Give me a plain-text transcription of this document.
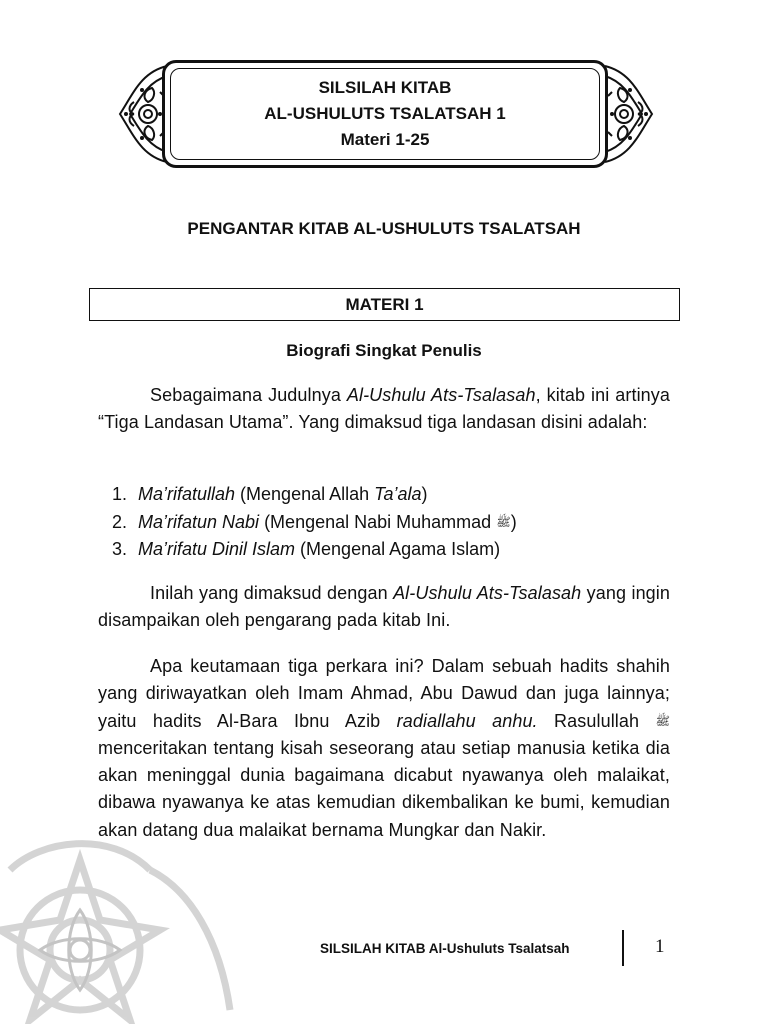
SILSILAH KITAB
AL-USHULUTS TSALATSAH 1
Materi 1-25
PENGANTAR KITAB AL-USHULUTS TSALATSAH
MATERI 1
Biografi Singkat Penulis
Sebagaimana Judulnya Al-Ushulu Ats-Tsalasah, kitab ini artinya “Tiga Landasan Utama”. Yang dimaksud tiga landasan disini adalah:
1. Ma’rifatullah (Mengenal Allah Ta’ala)
2. Ma’rifatun Nabi (Mengenal Nabi Muhammad ﷺ)
3. Ma’rifatu Dinil Islam (Mengenal Agama Islam)
Inilah yang dimaksud dengan Al-Ushulu Ats-Tsalasah yang ingin disampaikan oleh pengarang pada kitab Ini.
Apa keutamaan tiga perkara ini? Dalam sebuah hadits shahih yang diriwayatkan oleh Imam Ahmad, Abu Dawud dan juga lainnya; yaitu hadits Al-Bara Ibnu Azib radiallahu anhu. Rasulullah ﷺ menceritakan tentang kisah seseorang atau setiap manusia ketika dia akan meninggal dunia bagaimana dicabut nyawanya oleh malaikat, dibawa nyawanya ke atas kemudian dikembalikan ke bumi, kemudian akan datang dua malaikat bernama Mungkar dan Nakir.
SILSILAH KITAB Al-Ushuluts Tsalatsah	1
